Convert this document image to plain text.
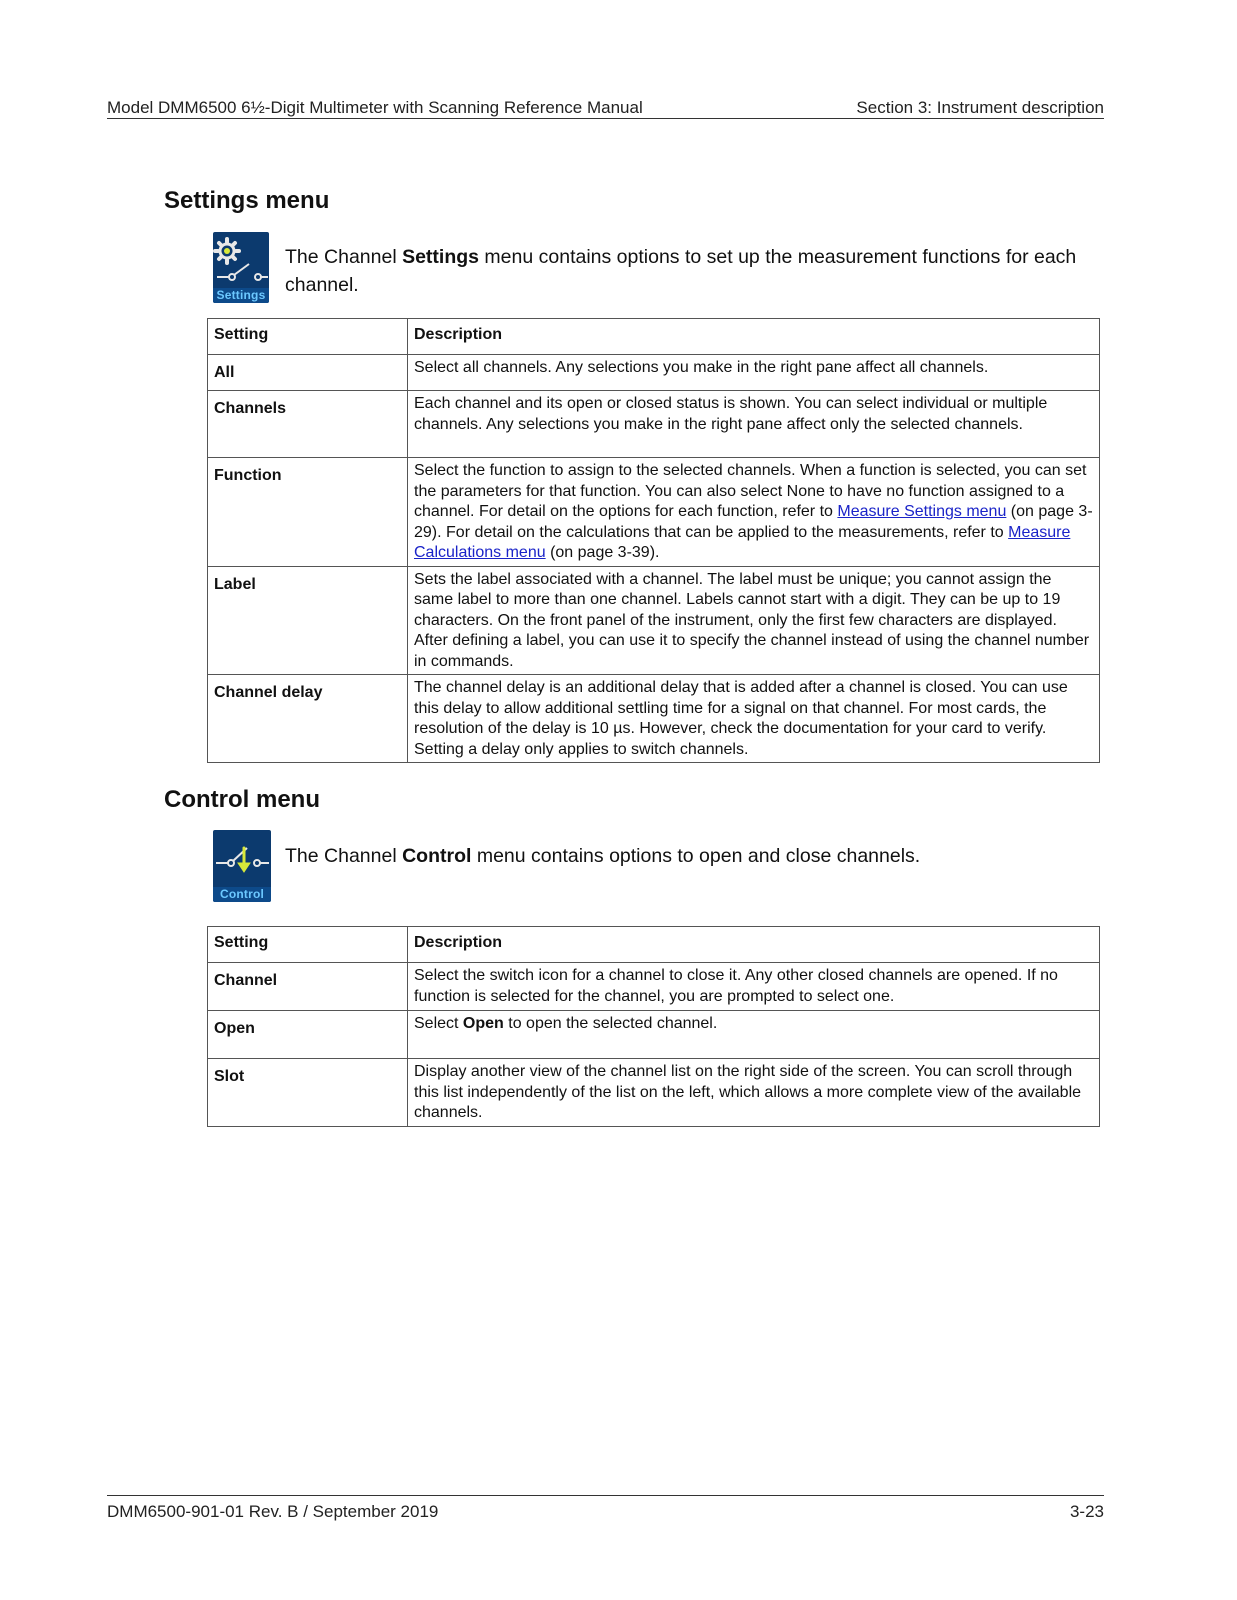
Model DMM6500 6½-Digit Multimeter with Scanning Reference Manual	Section 3: Instrument description
Settings menu
Settings
The Channel Settings menu contains options to set up the measurement functions for each channel.
Setting	Description
All	Select all channels. Any selections you make in the right pane affect all channels.
Channels	Each channel and its open or closed status is shown. You can select individual or multiple channels. Any selections you make in the right pane affect only the selected channels.
Function	Select the function to assign to the selected channels. When a function is selected, you can set the parameters for that function. You can also select None to have no function assigned to a channel. For detail on the options for each function, refer to Measure Settings menu (on page 3-29). For detail on the calculations that can be applied to the measurements, refer to Measure Calculations menu (on page 3-39).
Label	Sets the label associated with a channel. The label must be unique; you cannot assign the same label to more than one channel. Labels cannot start with a digit. They can be up to 19 characters. On the front panel of the instrument, only the first few characters are displayed. After defining a label, you can use it to specify the channel instead of using the channel number in commands.
Channel delay	The channel delay is an additional delay that is added after a channel is closed. You can use this delay to allow additional settling time for a signal on that channel. For most cards, the resolution of the delay is 10 µs. However, check the documentation for your card to verify. Setting a delay only applies to switch channels.
Control menu
Control
The Channel Control menu contains options to open and close channels.
Setting	Description
Channel	Select the switch icon for a channel to close it. Any other closed channels are opened. If no function is selected for the channel, you are prompted to select one.
Open	Select Open to open the selected channel.
Slot	Display another view of the channel list on the right side of the screen. You can scroll through this list independently of the list on the left, which allows a more complete view of the available channels.
DMM6500-901-01 Rev. B / September 2019	3-23
